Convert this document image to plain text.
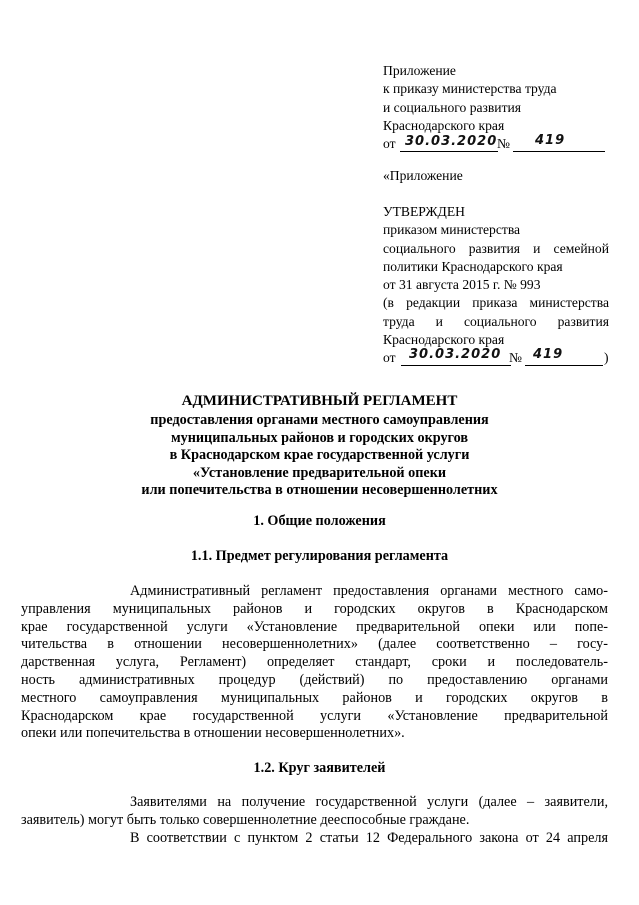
Приложение
к приказу министерства труда
и социального развития
Краснодарского края
от 30.03.2020 № 419
«Приложение
УТВЕРЖДЕН
приказом министерства
социального развития и семейной
политики Краснодарского края
от 31 августа 2015 г. № 993
(в редакции приказа министерства
труда и социального развития
Краснодарского края
от 30.03.2020 № 419	)
АДМИНИСТРАТИВНЫЙ РЕГЛАМЕНТ
предоставления органами местного самоуправления
муниципальных районов и городских округов
в Краснодарском крае государственной услуги
«Установление предварительной опеки
или попечительства в отношении несовершеннолетних
1. Общие положения
1.1. Предмет регулирования регламента
Административный регламент предоставления органами местного само-
управления муниципальных районов и городских округов в Краснодарском
крае государственной услуги «Установление предварительной опеки или попе-
чительства в отношении несовершеннолетних» (далее соответственно – госу-
дарственная услуга, Регламент) определяет стандарт, сроки и последователь-
ность административных процедур (действий) по предоставлению органами
местного самоуправления муниципальных районов и городских округов в
Краснодарском крае государственной услуги «Установление предварительной
опеки или попечительства в отношении несовершеннолетних».
1.2. Круг заявителей
Заявителями на получение государственной услуги (далее – заявители,
заявитель) могут быть только совершеннолетние дееспособные граждане.
В соответствии с пунктом 2 статьи 12 Федерального закона от 24 апреля
